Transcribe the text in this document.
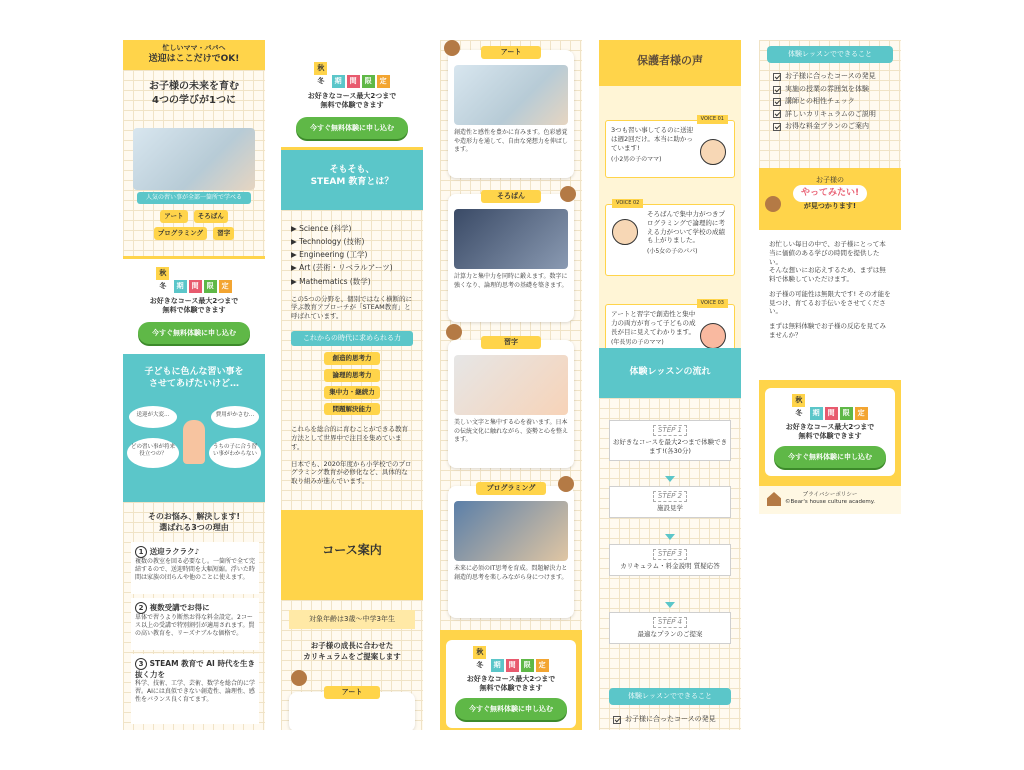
忙しいママ・パパへ
送迎はここだけでOK!
お子様の未来を育む
4つの学びが1つに
人気の習い事が全部一箇所で学べる
アート そろばん プログラミング 習字
秋冬 期 間 限 定
お好きなコース最大2つまで
無料で体験できます
今すぐ無料体験に申し込む
子どもに色んな習い事を
させてあげたいけど…
送迎が大変…	費用がかさむ…
どの習い事が将来役立つの？
うちの子に合う習い事がわからない
そのお悩み、解決します!
選ばれる3つの理由
1 送迎ラクラク♪
複数の教室を回る必要なし。一箇所で全て完結するので、送迎時間を大幅短縮。浮いた時間は家族の団らんや他のことに使えます。
2 複数受講でお得に
単体で習うより断然お得な料金設定。2コース以上の受講で特別割引が適用されます。賢の高い教育を、リーズナブルな価格で。
3 STEAM 教育で AI 時代を生き抜く力を
科学、技術、工学、芸術、数学を総合的に学習。AIには真似できない創造性、論理性、感性をバランス良く育てます。
秋冬 期 間 限 定
お好きなコース最大2つまで
無料で体験できます
今すぐ無料体験に申し込む
そもそも、
STEAM 教育とは？
▶ Science (科学)
▶ Technology (技術)
▶ Engineering (工学)
▶ Art (芸術・リベラルアーツ)
▶ Mathematics (数学)
この5つの分野を、個別ではなく横断的に学ぶ教育アプローチが「STEAM教育」と呼ばれています。
これからの時代に求められる力
創造的思考力 論理的思考力 集中力・継続力 問題解決能力
これらを総合的に育むことができる教育方法として世界中で注目を集めています。
日本でも、2020年度から小学校でのプログラミング教育が必修化など、具体的な取り組みが進んでいます。
コース案内
対象年齢は3歳〜中学3年生
お子様の成長に合わせた
カリキュラムをご提案します
アート
アート
創造性と感性を豊かに育みます。色彩感覚や造形力を通して、自由な発想力を伸ばします。
そろばん
計算力と集中力を同時に鍛えます。数字に強くなり、論理的思考の基礎を築きます。
習字
美しい文字と集中する心を養います。日本の伝統文化に触れながら、姿勢と心を整えます。
プログラミング
未来に必須のIT思考を育成。問題解決力と創造的思考を楽しみながら身につけます。
秋冬 期 間 限 定
お好きなコース最大2つまで
無料で体験できます
今すぐ無料体験に申し込む
保護者様の声
VOICE 01
3つも習い事してるのに送迎は週2回だけ。本当に助かっています!
(小2男の子のママ)
VOICE 02
そろばんで集中力がつきプログラミングで論理的に考える力がついて学校の成績も上がりました。
(小5女の子のパパ)
VOICE 03
アートと習字で創造性と集中力の両方が育って子どもの成長が目に見えてわかります。
(年長男の子のママ)
体験レッスンの流れ
STEP 1
お好きなコースを最大2つまで体験できます!(各30分)
STEP 2
施設見学
STEP 3
カリキュラム・料金説明 質疑応答
STEP 4
最適なプランのご提案
体験レッスンでできること
お子様に合ったコースの発見
体験レッスンでできること
お子様に合ったコースの発見
実施の授業の雰囲気を体験
講師との相性チェック
詳しいカリキュラムのご説明
お得な料金プランのご案内
お子様の
やってみたい!
が見つかります!
お忙しい毎日の中で、お子様にとって本当に価値のある学びの時間を提供したい。
そんな想いにお応えするため、まずは無料で体験していただけます。
お子様の可能性は無限大です! その才能を見つけ、育てるお手伝いをさせてください。
まずは無料体験でお子様の反応を見てみませんか？
秋冬 期 間 限 定
お好きなコース最大2つまで
無料で体験できます
今すぐ無料体験に申し込む
プライバシーポリシー
©Bear's house culture academy.
